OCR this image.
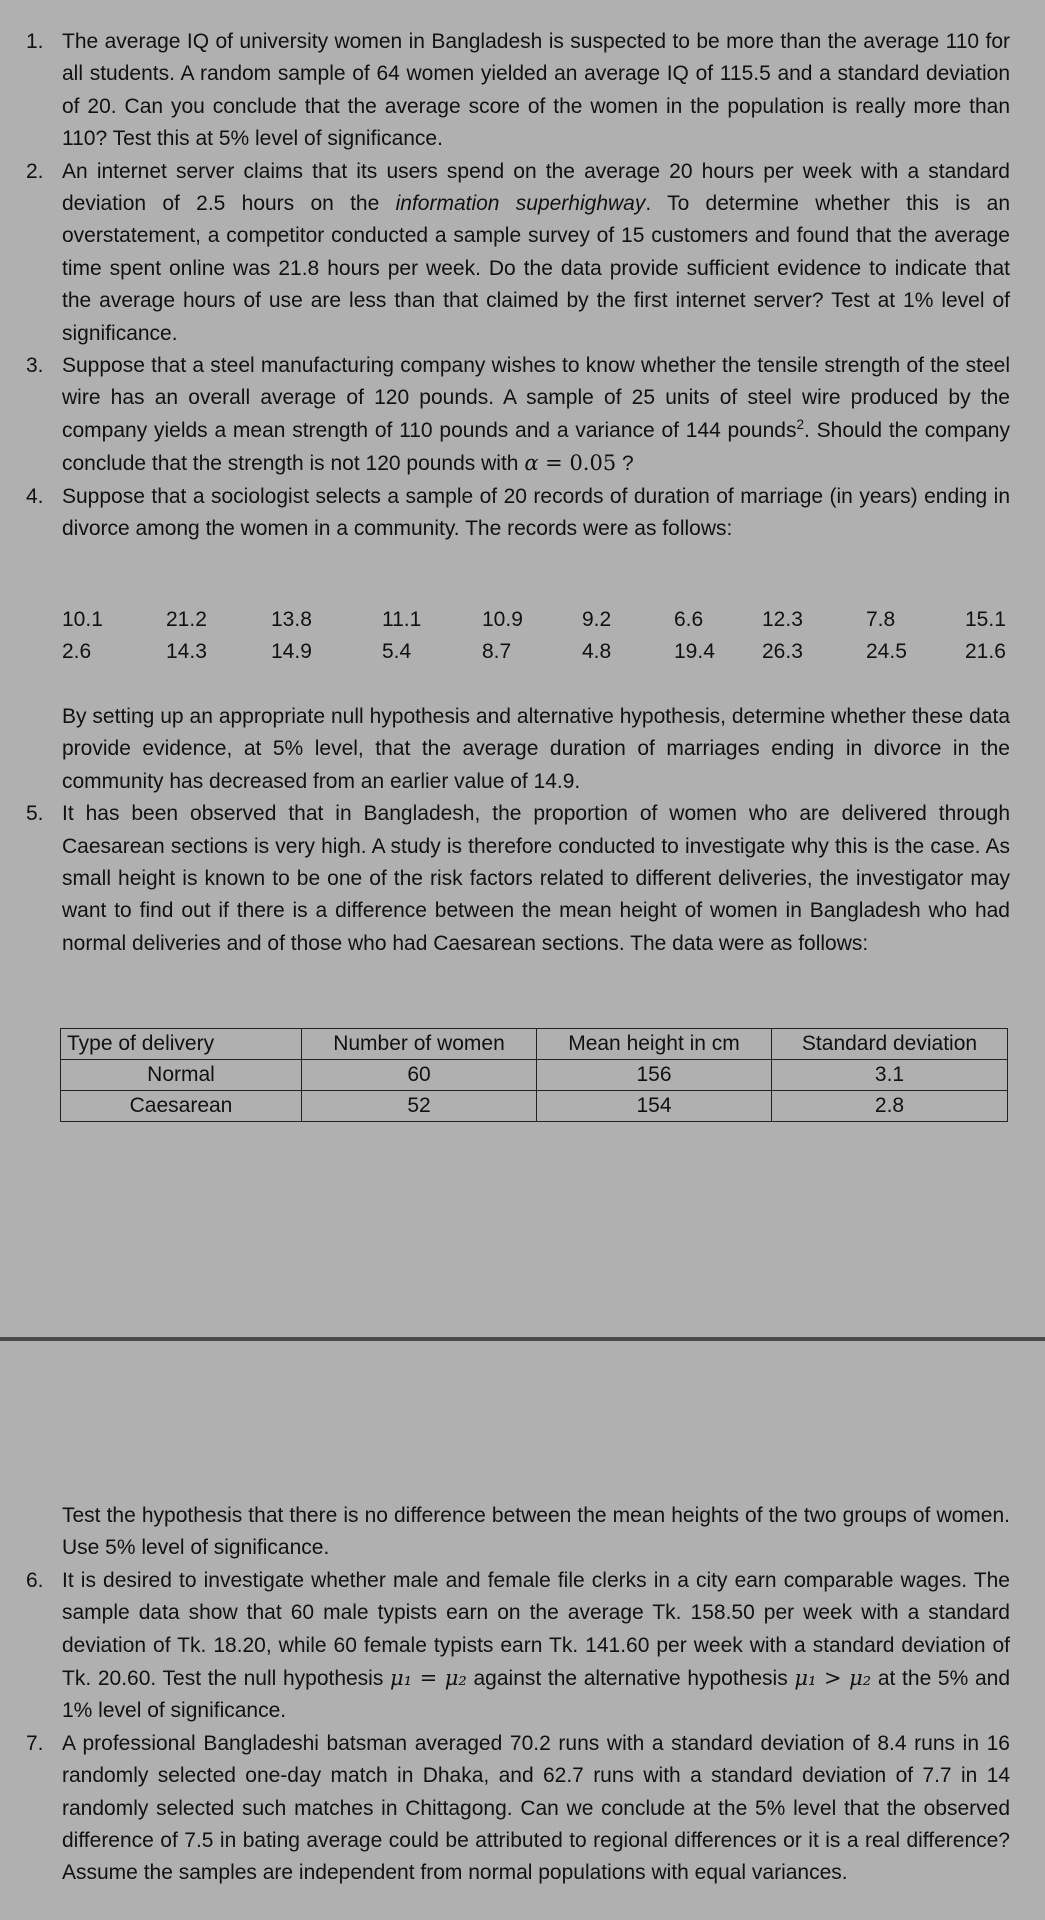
1. The average IQ of university women in Bangladesh is suspected to be more than the average 110 for all students. A random sample of 64 women yielded an average IQ of 115.5 and a standard deviation of 20. Can you conclude that the average score of the women in the population is really more than 110? Test this at 5% level of significance.
2. An internet server claims that its users spend on the average 20 hours per week with a standard deviation of 2.5 hours on the information superhighway. To determine whether this is an overstatement, a competitor conducted a sample survey of 15 customers and found that the average time spent online was 21.8 hours per week. Do the data provide sufficient evidence to indicate that the average hours of use are less than that claimed by the first internet server? Test at 1% level of significance.
3. Suppose that a steel manufacturing company wishes to know whether the tensile strength of the steel wire has an overall average of 120 pounds. A sample of 25 units of steel wire produced by the company yields a mean strength of 110 pounds and a variance of 144 pounds$^2$. Should the company conclude that the strength is not 120 pounds with α = 0.05 ?
4. Suppose that a sociologist selects a sample of 20 records of duration of marriage (in years) ending in divorce among the women in a community. The records were as follows:
10.1	21.2	13.8	11.1	10.9	9.2	6.6	12.3	7.8	15.1
2.6	14.3	14.9	5.4	8.7	4.8	19.4 26.3	24.5	21.6
By setting up an appropriate null hypothesis and alternative hypothesis, determine whether these data provide evidence, at 5% level, that the average duration of marriages ending in divorce in the community has decreased from an earlier value of 14.9.
5. It has been observed that in Bangladesh, the proportion of women who are delivered through Caesarean sections is very high. A study is therefore conducted to investigate why this is the case. As small height is known to be one of the risk factors related to different deliveries, the investigator may want to find out if there is a difference between the mean height of women in Bangladesh who had normal deliveries and of those who had Caesarean sections. The data were as follows:
Type of delivery	Number of women	Mean height in cm	Standard deviation
Normal	60	156	3.1
Caesarean	52	154	2.8
Test the hypothesis that there is no difference between the mean heights of the two groups of women. Use 5% level of significance.
6. It is desired to investigate whether male and female file clerks in a city earn comparable wages. The sample data show that 60 male typists earn on the average Tk. 158.50 per week with a standard deviation of Tk. 18.20, while 60 female typists earn Tk. 141.60 per week with a standard deviation of Tk. 20.60. Test the null hypothesis μ₁ = μ₂ against the alternative hypothesis μ₁ > μ₂ at the 5% and 1% level of significance.
7. A professional Bangladeshi batsman averaged 70.2 runs with a standard deviation of 8.4 runs in 16 randomly selected one-day match in Dhaka, and 62.7 runs with a standard deviation of 7.7 in 14 randomly selected such matches in Chittagong. Can we conclude at the 5% level that the observed difference of 7.5 in bating average could be attributed to regional differences or it is a real difference? Assume the samples are independent from normal populations with equal variances.
